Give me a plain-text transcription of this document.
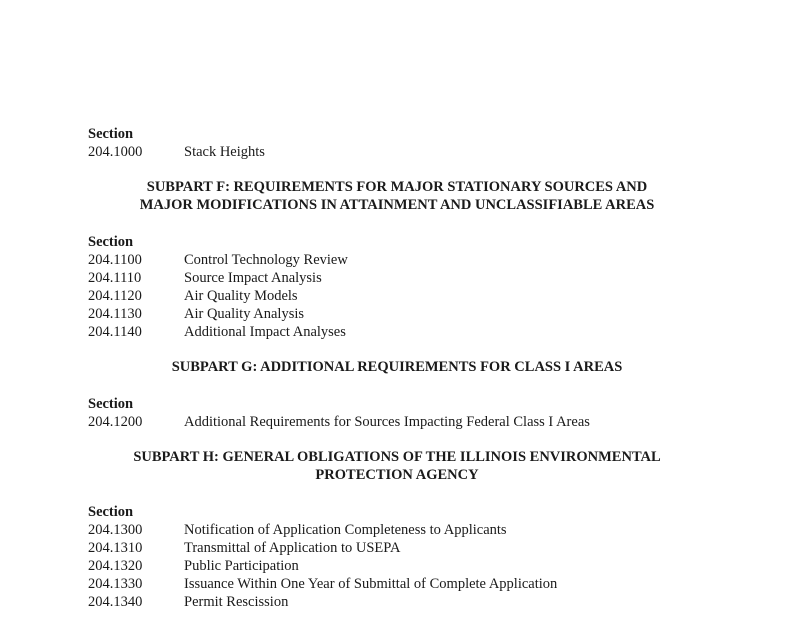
Section
204.1000	Stack Heights
SUBPART F: REQUIREMENTS FOR MAJOR STATIONARY SOURCES AND
MAJOR MODIFICATIONS IN ATTAINMENT AND UNCLASSIFIABLE AREAS
Section
204.1100	Control Technology Review
204.1110	Source Impact Analysis
204.1120	Air Quality Models
204.1130	Air Quality Analysis
204.1140	Additional Impact Analyses
SUBPART G: ADDITIONAL REQUIREMENTS FOR CLASS I AREAS
Section
204.1200	Additional Requirements for Sources Impacting Federal Class I Areas
SUBPART H: GENERAL OBLIGATIONS OF THE ILLINOIS ENVIRONMENTAL
PROTECTION AGENCY
Section
204.1300	Notification of Application Completeness to Applicants
204.1310	Transmittal of Application to USEPA
204.1320	Public Participation
204.1330	Issuance Within One Year of Submittal of Complete Application
204.1340	Permit Rescission
